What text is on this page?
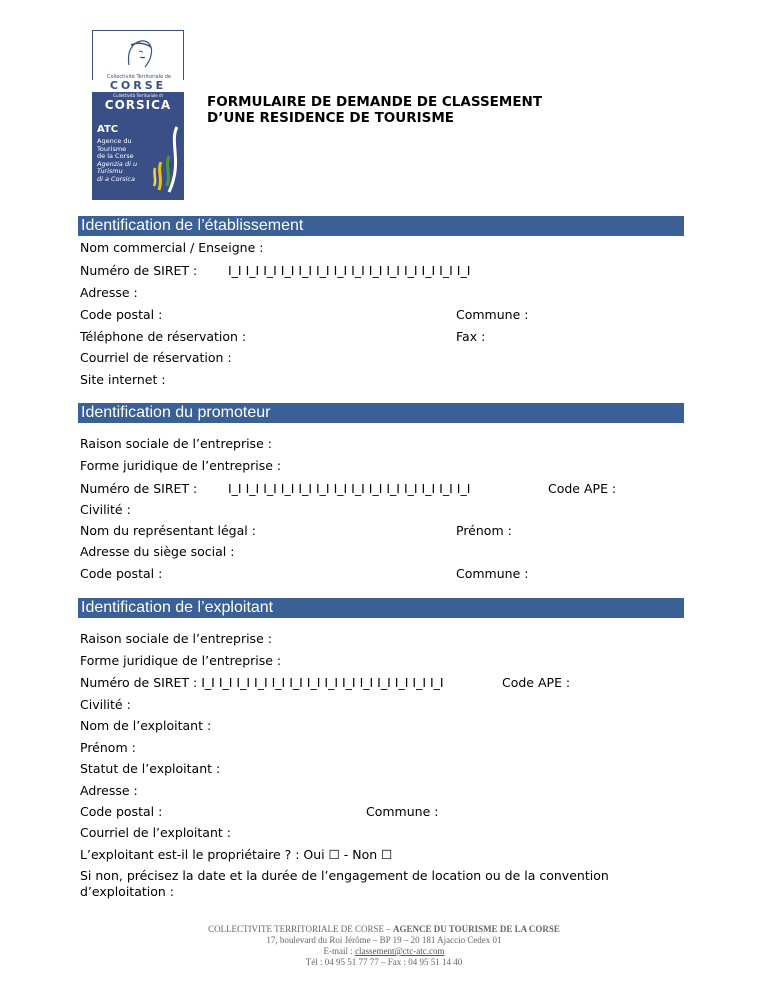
Collectivité Territoriale de
CORSE
Cullettività Territuriale di
CORSICA
ATC
Agence du
Tourisme
de la Corse
Agenzia di u
Turismu
di a Corsica
FORMULAIRE DE DEMANDE DE CLASSEMENT
D’UNE RESIDENCE DE TOURISME
Identification de l’établissement
Nom commercial / Enseigne :
Numéro de SIRET : I_I I_I I_I I_I I_I I_I I_I I_I I_I I_I I_I I_I I_I I_I
Adresse :
Code postal :	Commune :
Téléphone de réservation :	Fax :
Courriel de réservation :
Site internet :
Identification du promoteur
Raison sociale de l’entreprise :
Forme juridique de l’entreprise :
Numéro de SIRET : I_I I_I I_I I_I I_I I_I I_I I_I I_I I_I I_I I_I I_I I_I	Code APE :
Civilité :
Nom du représentant légal :	Prénom :
Adresse du siège social :
Code postal :	Commune :
Identification de l’exploitant
Raison sociale de l’entreprise :
Forme juridique de l’entreprise :
Numéro de SIRET : I_I I_I I_I I_I I_I I_I I_I I_I I_I I_I I_I I_I I_I I_I	Code APE :
Civilité :
Nom de l’exploitant :
Prénom :
Statut de l’exploitant :
Adresse :
Code postal :	Commune :
Courriel de l’exploitant :
L’exploitant est-il le propriétaire ? : Oui ☐ - Non ☐
Si non, précisez la date et la durée de l’engagement de location ou de la convention
d’exploitation :
COLLECTIVITE TERRITORIALE DE CORSE – AGENCE DU TOURISME DE LA CORSE
17, boulevard du Roi Jérôme – BP 19 – 20 181 Ajaccio Cedex 01
E-mail : classement@ctc-atc.com
Tél : 04 95 51 77 77 – Fax : 04 95 51 14 40
